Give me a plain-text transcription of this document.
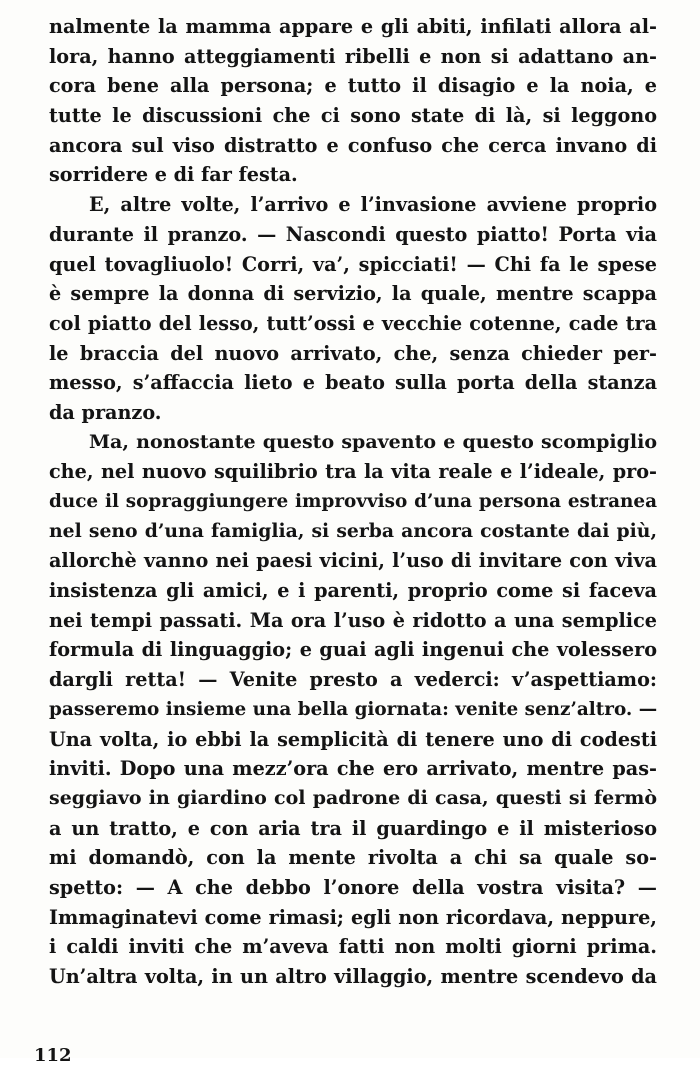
nalmente la mamma appare e gli abiti, infilati allora al-
lora, hanno atteggiamenti ribelli e non si adattano an-
cora bene alla persona; e tutto il disagio e la noia, e
tutte le discussioni che ci sono state di là, si leggono
ancora sul viso distratto e confuso che cerca invano di
sorridere e di far festa.
E, altre volte, l’arrivo e l’invasione avviene proprio
durante il pranzo. — Nascondi questo piatto! Porta via
quel tovagliuolo! Corri, va’, spicciati! — Chi fa le spese
è sempre la donna di servizio, la quale, mentre scappa
col piatto del lesso, tutt’ossi e vecchie cotenne, cade tra
le braccia del nuovo arrivato, che, senza chieder per-
messo, s’affaccia lieto e beato sulla porta della stanza
da pranzo.
Ma, nonostante questo spavento e questo scompiglio
che, nel nuovo squilibrio tra la vita reale e l’ideale, pro-
duce il sopraggiungere improvviso d’una persona estranea
nel seno d’una famiglia, si serba ancora costante dai più,
allorchè vanno nei paesi vicini, l’uso di invitare con viva
insistenza gli amici, e i parenti, proprio come si faceva
nei tempi passati. Ma ora l’uso è ridotto a una semplice
formula di linguaggio; e guai agli ingenui che volessero
dargli retta! — Venite presto a vederci: v’aspettiamo:
passeremo insieme una bella giornata: venite senz’altro. —
Una volta, io ebbi la semplicità di tenere uno di codesti
inviti. Dopo una mezz’ora che ero arrivato, mentre pas-
seggiavo in giardino col padrone di casa, questi si fermò
a un tratto, e con aria tra il guardingo e il misterioso
mi domandò, con la mente rivolta a chi sa quale so-
spetto: — A che debbo l’onore della vostra visita? —
Immaginatevi come rimasi; egli non ricordava, neppure,
i caldi inviti che m’aveva fatti non molti giorni prima.
Un’altra volta, in un altro villaggio, mentre scendevo da
112
